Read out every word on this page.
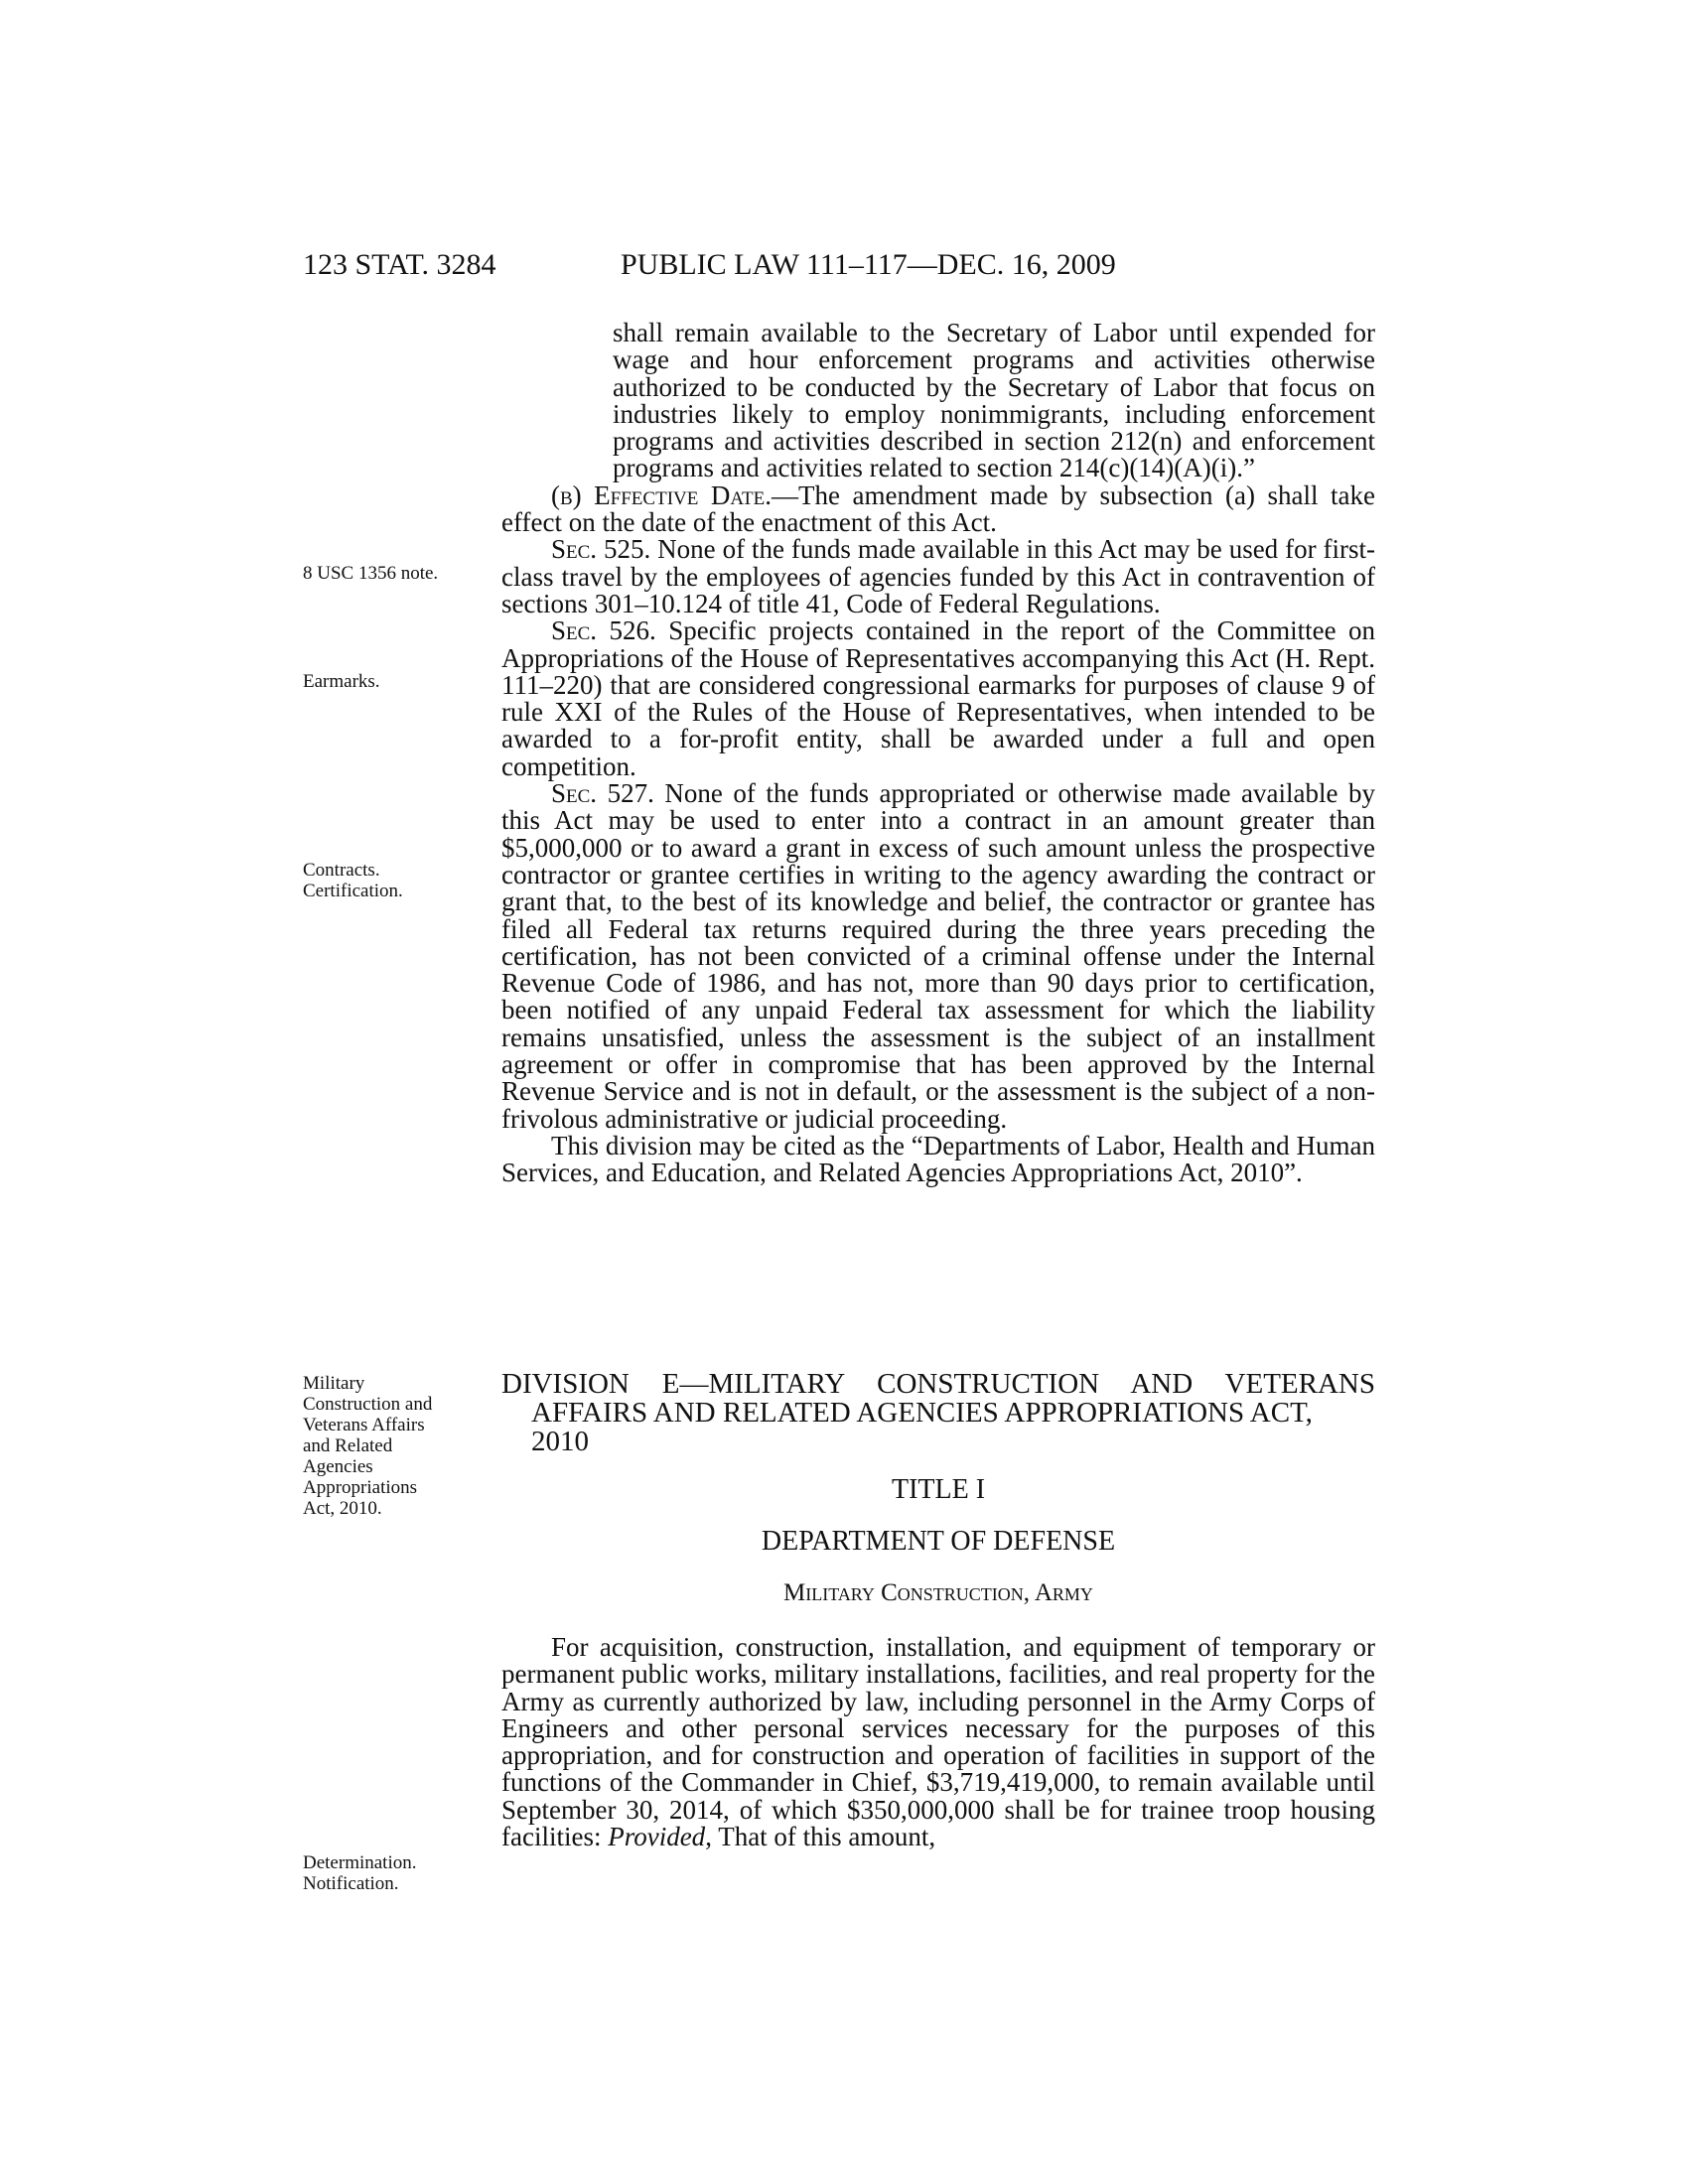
123 STAT. 3284	PUBLIC LAW 111–117—DEC. 16, 2009
8 USC 1356 note.
Earmarks.
Contracts.
Certification.
Military
Construction and
Veterans Affairs
and Related
Agencies
Appropriations
Act, 2010.
Determination.
Notification.

shall remain available to the Secretary of Labor until expended for wage and hour enforcement programs and activities otherwise authorized to be conducted by the Secretary of Labor that focus on industries likely to employ nonimmigrants, including enforcement programs and activities described in section 212(n) and enforcement programs and activities related to section 214(c)(14)(A)(i).”

(b) Effective Date.—The amendment made by subsection (a) shall take effect on the date of the enactment of this Act.

Sec. 525. None of the funds made available in this Act may be used for first-class travel by the employees of agencies funded by this Act in contravention of sections 301–10.124 of title 41, Code of Federal Regulations.

Sec. 526. Specific projects contained in the report of the Committee on Appropriations of the House of Representatives accompanying this Act (H. Rept. 111–220) that are considered congressional earmarks for purposes of clause 9 of rule XXI of the Rules of the House of Representatives, when intended to be awarded to a for-profit entity, shall be awarded under a full and open competition.

Sec. 527. None of the funds appropriated or otherwise made available by this Act may be used to enter into a contract in an amount greater than $5,000,000 or to award a grant in excess of such amount unless the prospective contractor or grantee certifies in writing to the agency awarding the contract or grant that, to the best of its knowledge and belief, the contractor or grantee has filed all Federal tax returns required during the three years preceding the certification, has not been convicted of a criminal offense under the Internal Revenue Code of 1986, and has not, more than 90 days prior to certification, been notified of any unpaid Federal tax assessment for which the liability remains unsatisfied, unless the assessment is the subject of an installment agreement or offer in compromise that has been approved by the Internal Revenue Service and is not in default, or the assessment is the subject of a non-frivolous administrative or judicial proceeding.

This division may be cited as the “Departments of Labor, Health and Human Services, and Education, and Related Agencies Appropriations Act, 2010”.

DIVISION E—MILITARY CONSTRUCTION AND VETERANS
AFFAIRS AND RELATED AGENCIES APPROPRIATIONS ACT, 2010
TITLE I
DEPARTMENT OF DEFENSE
Military Construction, Army

For acquisition, construction, installation, and equipment of temporary or permanent public works, military installations, facilities, and real property for the Army as currently authorized by law, including personnel in the Army Corps of Engineers and other personal services necessary for the purposes of this appropriation, and for construction and operation of facilities in support of the functions of the Commander in Chief, $3,719,419,000, to remain available until September 30, 2014, of which $350,000,000 shall be for trainee troop housing facilities: Provided, That of this amount,
